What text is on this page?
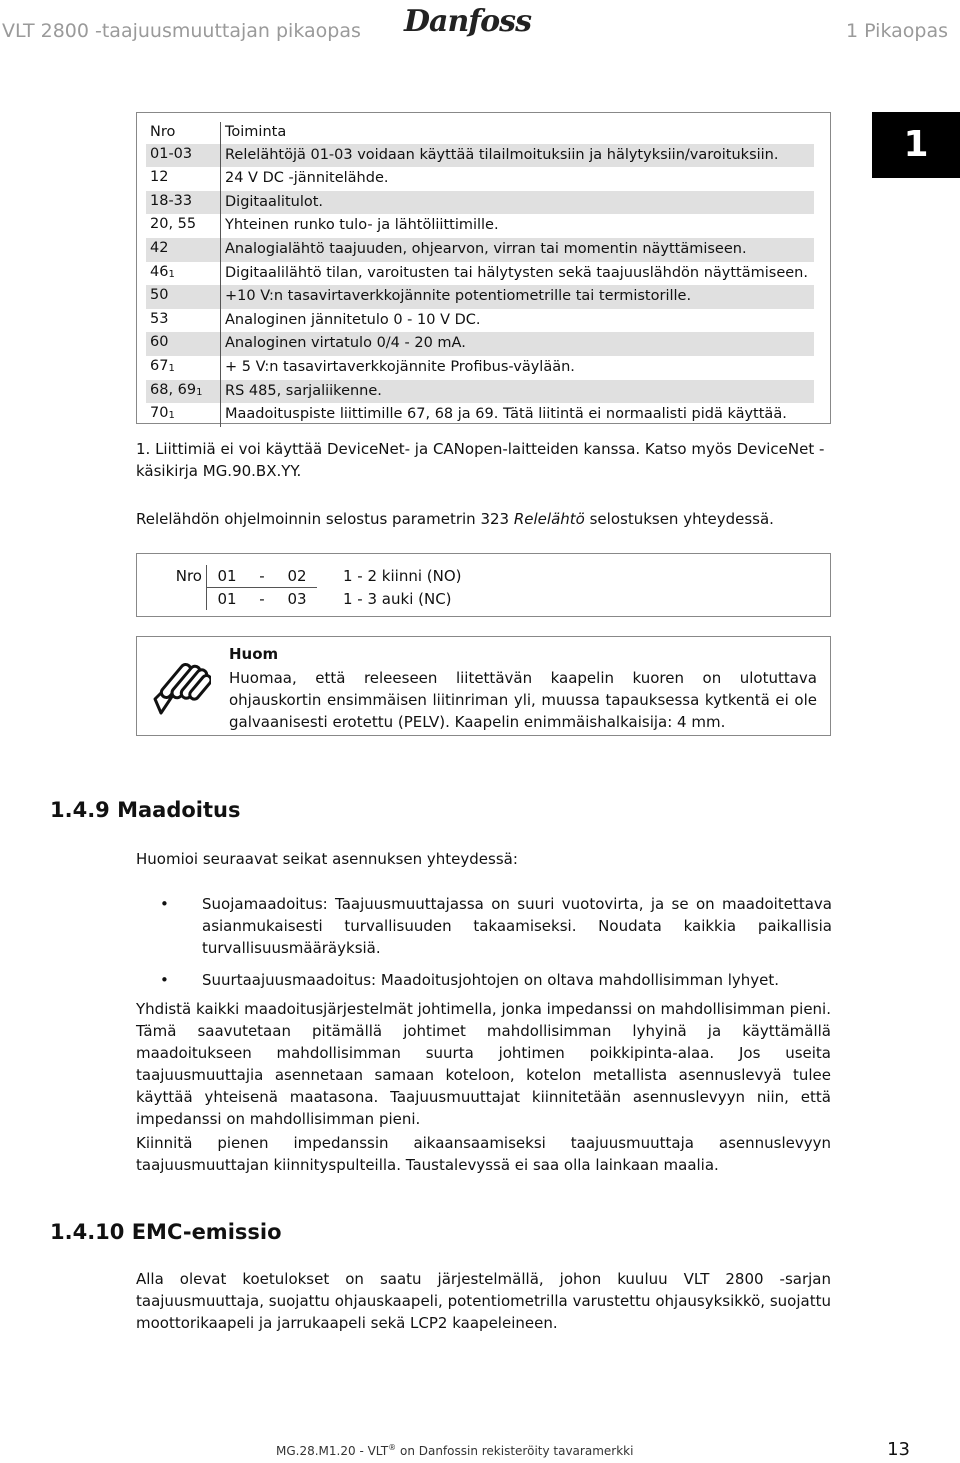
VLT 2800 -taajuusmuuttajan pikaopas Danfoss	1 Pikaopas
1
Nro	Toiminta
01-03	Relelähtöjä 01-03 voidaan käyttää tilailmoituksiin ja hälytyksiin/varoituksiin.
12	24 V DC -jännitelähde.
18-33	Digitaalitulot.
20, 55	Yhteinen runko tulo- ja lähtöliittimille.
42	Analogialähtö taajuuden, ohjearvon, virran tai momentin näyttämiseen.
$46_1$	Digitaalilähtö tilan, varoitusten tai hälytysten sekä taajuuslähdön näyttämiseen.
50	+10 V:n tasavirtaverkkojännite potentiometrille tai termistorille.
53	Analoginen jännitetulo 0 - 10 V DC.
60	Analoginen virtatulo 0/4 - 20 mA.
$67_1$	+ 5 V:n tasavirtaverkkojännite Profibus-väylään.
68, $69_1$	RS 485, sarjaliikenne.
$70_1$	Maadoituspiste liittimille 67, 68 ja 69. Tätä liitintä ei normaalisti pidä käyttää.
1. Liittimiä ei voi käyttää DeviceNet- ja CANopen-laitteiden kanssa. Katso myös DeviceNet -käsikirja MG.90.BX.YY.
Relelähdön ohjelmoinnin selostus parametrin 323 Relelähtö selostuksen yhteydessä.
Nro	01	-	02	1 - 2 kiinni (NO)
	01	-	03	1 - 3 auki (NC)
Huom
Huomaa, että releeseen liitettävän kaapelin kuoren on ulotuttava ohjauskortin ensimmäisen liitinriman yli, muussa tapauksessa kytkentä ei ole galvaanisesti erotettu (PELV). Kaapelin enimmäishalkaisija: 4 mm.
1.4.9 Maadoitus
Huomioi seuraavat seikat asennuksen yhteydessä:
• Suojamaadoitus: Taajuusmuuttajassa on suuri vuotovirta, ja se on maadoitettava asianmukaisesti turvallisuuden takaamiseksi. Noudata kaikkia paikallisia turvallisuusmääräyksiä.
• Suurtaajuusmaadoitus: Maadoitusjohtojen on oltava mahdollisimman lyhyet.
Yhdistä kaikki maadoitusjärjestelmät johtimella, jonka impedanssi on mahdollisimman pieni. Tämä saavutetaan pitämällä johtimet mahdollisimman lyhyinä ja käyttämällä maadoitukseen mahdollisimman suurta johtimen poikkipinta-alaa. Jos useita taajuusmuuttajia asennetaan samaan koteloon, kotelon metallista asennuslevyä tulee käyttää yhteisenä maatasona. Taajuusmuuttajat kiinnitetään asennuslevyyn niin, että impedanssi on mahdollisimman pieni.
Kiinnitä pienen impedanssin aikaansaamiseksi taajuusmuuttaja asennuslevyyn taajuusmuuttajan kiinnityspulteilla. Taustalevyssä ei saa olla lainkaan maalia.
1.4.10 EMC-emissio
Alla olevat koetulokset on saatu järjestelmällä, johon kuuluu VLT 2800 -sarjan taajuusmuuttaja, suojattu ohjauskaapeli, potentiometrilla varustettu ohjausyksikkö, suojattu moottorikaapeli ja jarrukaapeli sekä LCP2 kaapeleineen.
MG.28.M1.20 - VLT® on Danfossin rekisteröity tavaramerkki	13
